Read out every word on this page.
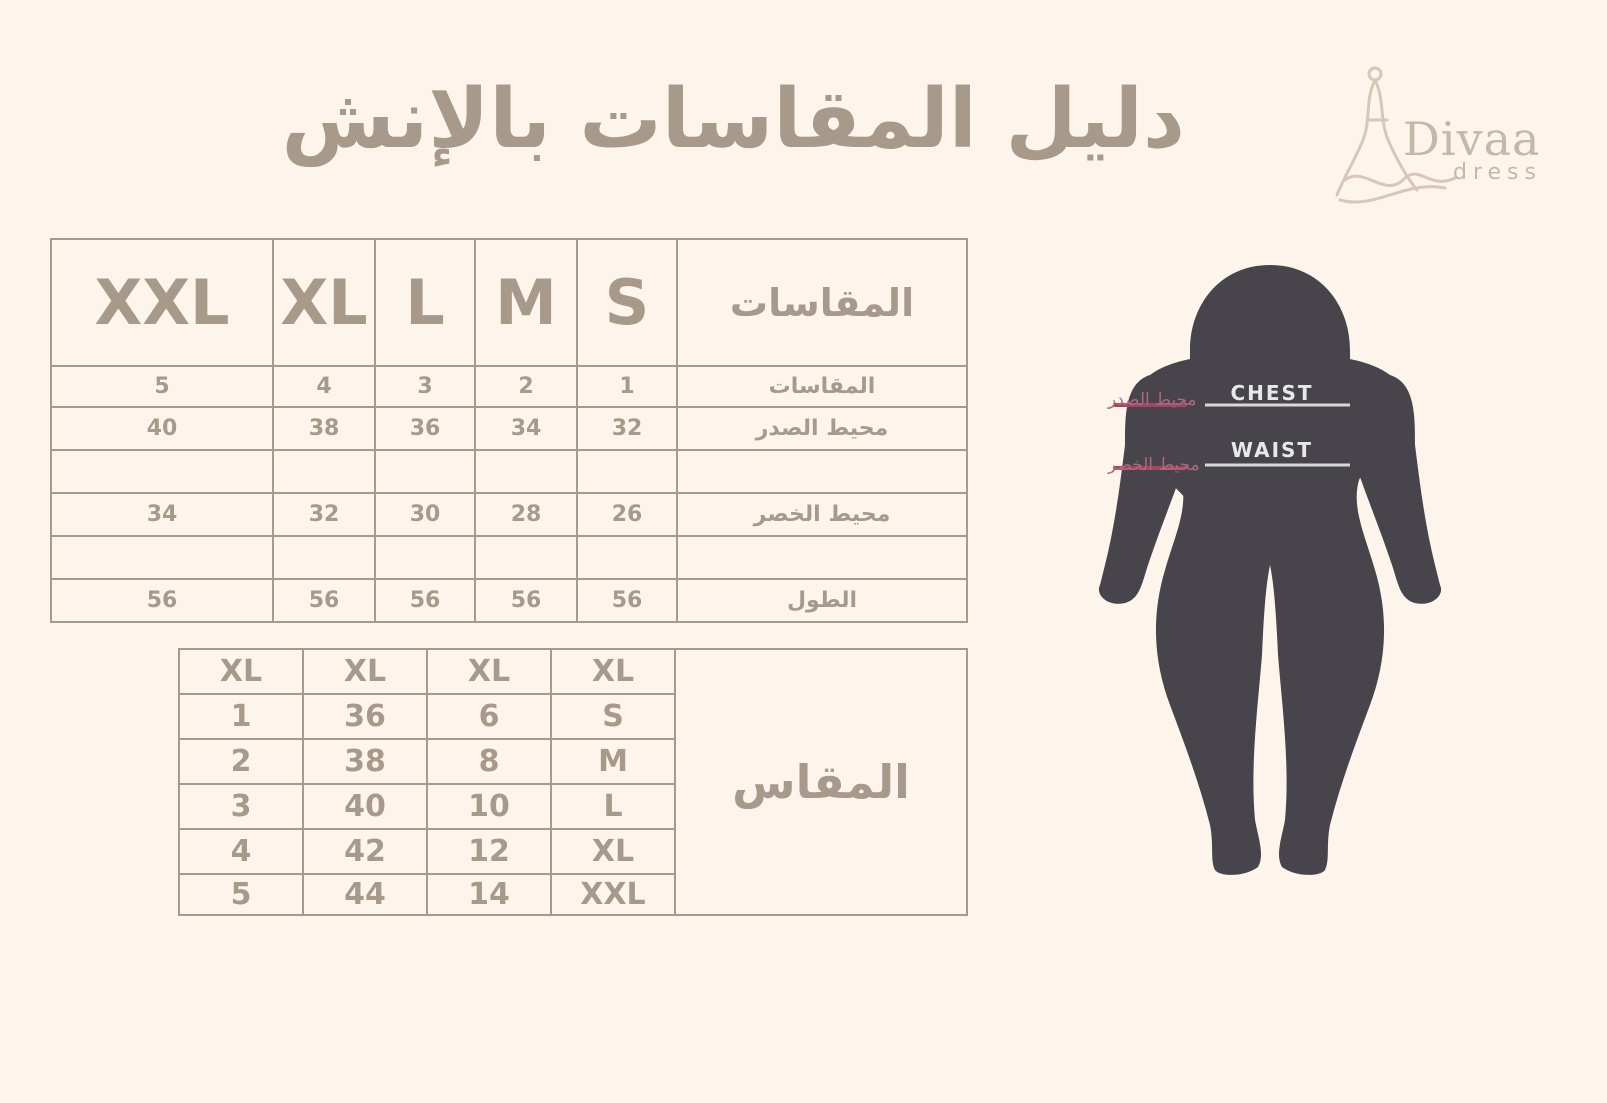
دليل المقاسات بالإنش	Divaa
dress
XXL	XL	L	M	S	المقاسات
5	4	3	2	1	المقاسات
40	38	36	34	32	محيط الصدر

34	32	30	28	26	محيط الخصر

56	56	56	56	56	الطول
XL	XL	XL	XL	المقاس
1	36	6	S	
2	38	8	M	
3	40	10	L	
4	42	12	XL	
5	44	14	XXL	
CHEST
WAIST
محيط الصدر
محيط الخصر
